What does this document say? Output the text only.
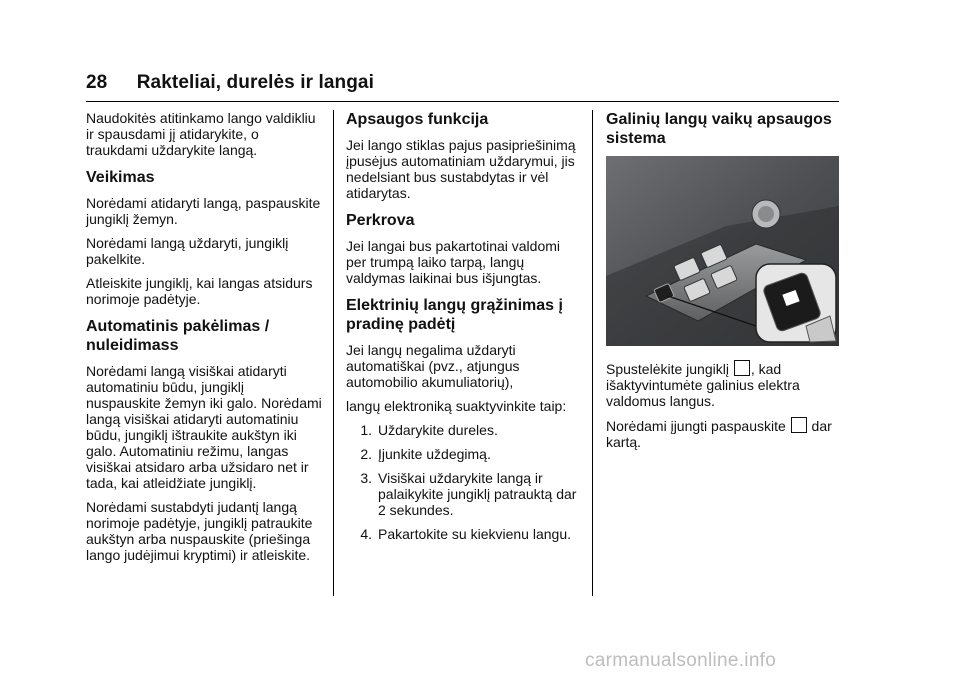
28 Rakteliai, durelės ir langai

Naudokitės atitinkamo lango valdikliu ir spausdami jį atidarykite, o traukdami uždarykite langą.

Veikimas

Norėdami atidaryti langą, paspauskite jungiklį žemyn.

Norėdami langą uždaryti, jungiklį pakelkite.

Atleiskite jungiklį, kai langas atsidurs norimoje padėtyje.

Automatinis pakėlimas / nuleidimass

Norėdami langą visiškai atidaryti automatiniu būdu, jungiklį nuspauskite žemyn iki galo. Norėdami langą visiškai atidaryti automatiniu būdu, jungiklį ištraukite aukštyn iki galo. Automatiniu režimu, langas visiškai atsidaro arba užsidaro net ir tada, kai atleidžiate jungiklį.

Norėdami sustabdyti judantį langą norimoje padėtyje, jungiklį patraukite aukštyn arba nuspauskite (priešinga lango judėjimui kryptimi) ir atleiskite.

Apsaugos funkcija

Jei lango stiklas pajus pasipriešinimą įpusėjus automatiniam uždarymui, jis nedelsiant bus sustabdytas ir vėl atidarytas.

Perkrova

Jei langai bus pakartotinai valdomi per trumpą laiko tarpą, langų valdymas laikinai bus išjungtas.

Elektrinių langų grąžinimas į pradinę padėtį

Jei langų negalima uždaryti automatiškai (pvz., atjungus automobilio akumuliatorių),

langų elektroniką suaktyvinkite taip:

1. Uždarykite dureles.
2. Įjunkite uždegimą.
3. Visiškai uždarykite langą ir palaikykite jungiklį patrauktą dar 2 sekundes.
4. Pakartokite su kiekvienu langu.
Galinių langų vaikų apsaugos sistema

Spustelėkite jungiklį , kad išaktyvintumėte galinius elektra valdomus langus.

Norėdami įjungti paspauskite  dar kartą.

carmanualsonline.info
